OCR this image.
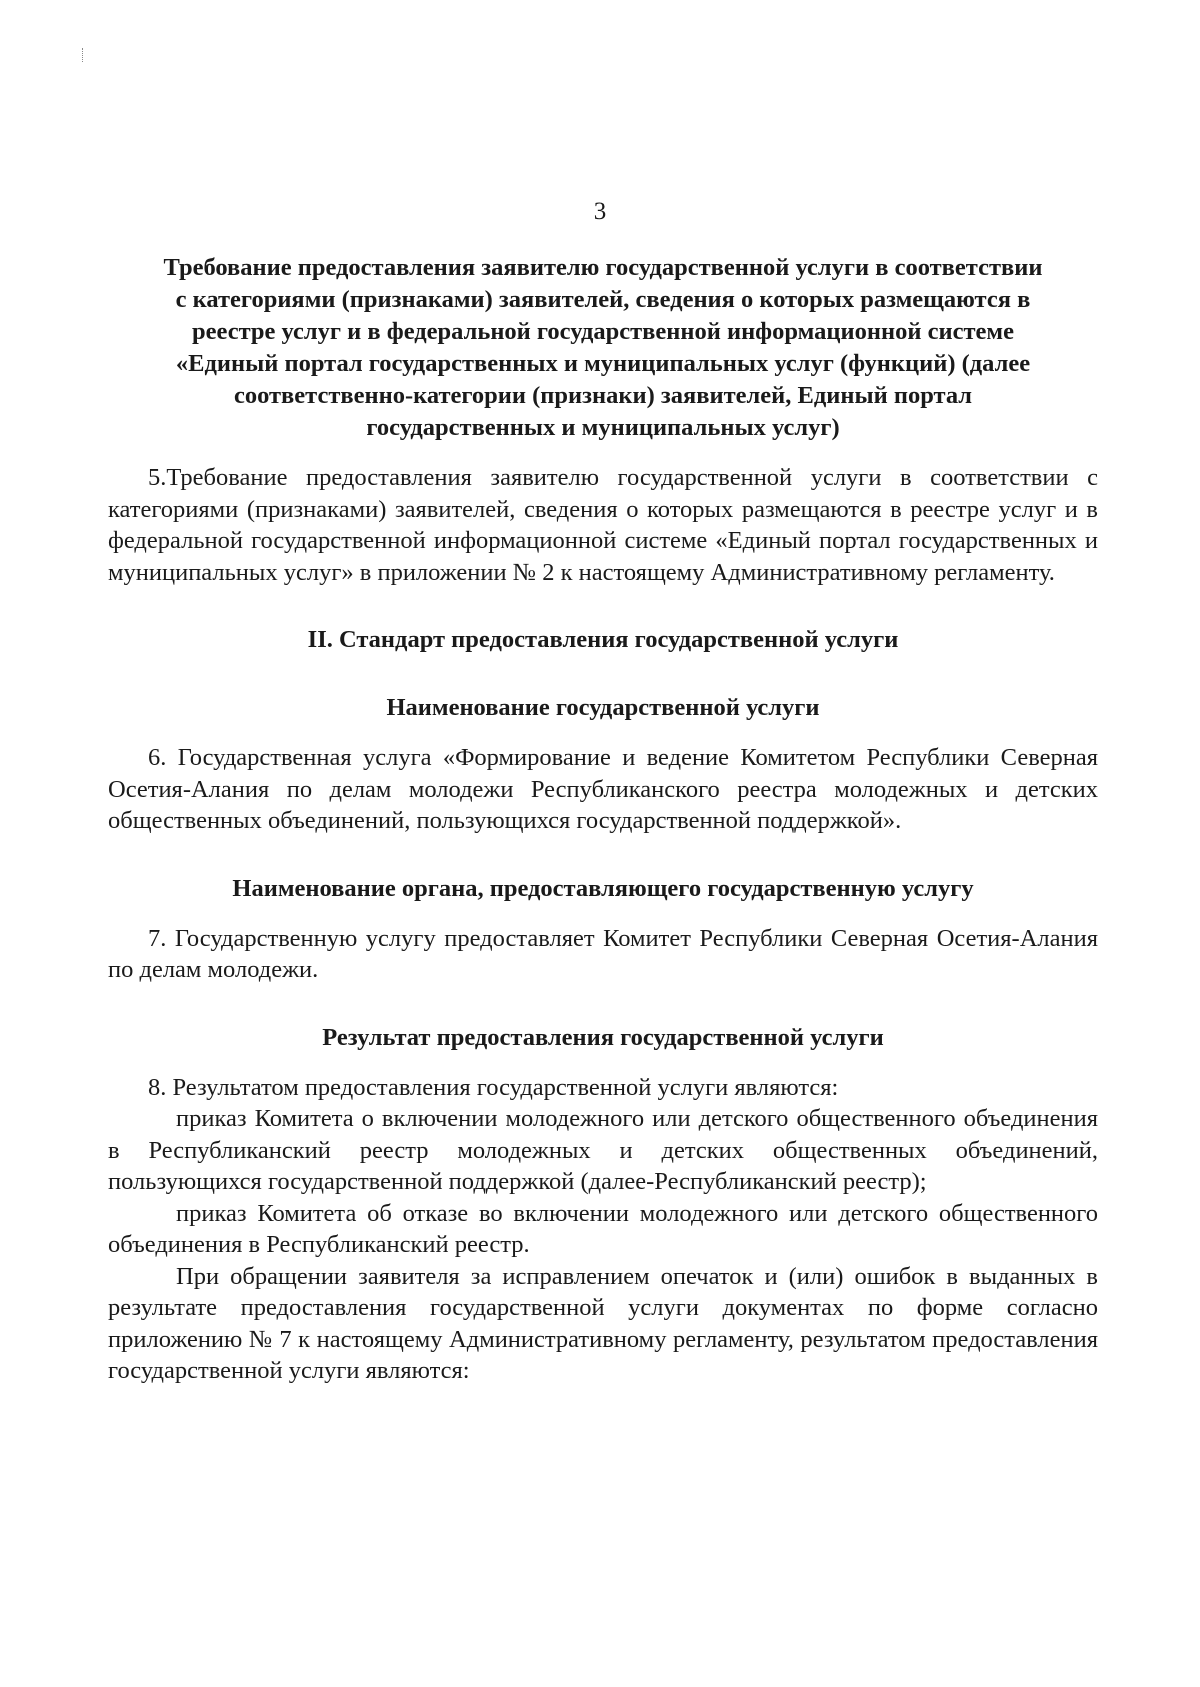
3

Требование предоставления заявителю государственной услуги в соответствии с категориями (признаками) заявителей, сведения о которых размещаются в реестре услуг и в федеральной государственной информационной системе «Единый портал государственных и муниципальных услуг (функций) (далее соответственно-категории (признаки) заявителей, Единый портал государственных и муниципальных услуг)

5.Требование предоставления заявителю государственной услуги в соответствии с категориями (признаками) заявителей, сведения о которых размещаются в реестре услуг и в федеральной государственной информационной системе «Единый портал государственных и муниципальных услуг» в приложении № 2 к настоящему Административному регламенту.

II. Стандарт предоставления государственной услуги

Наименование государственной услуги

6. Государственная услуга «Формирование и ведение Комитетом Республики Северная Осетия-Алания по делам молодежи Республиканского реестра молодежных и детских общественных объединений, пользующихся государственной поддержкой».

Наименование органа, предоставляющего государственную услугу

7. Государственную услугу предоставляет Комитет Республики Северная Осетия-Алания по делам молодежи.

Результат предоставления государственной услуги

8. Результатом предоставления государственной услуги являются:

приказ Комитета о включении молодежного или детского общественного объединения в Республиканский реестр молодежных и детских общественных объединений, пользующихся государственной поддержкой (далее-Республиканский реестр);

приказ Комитета об отказе во включении молодежного или детского общественного объединения в Республиканский реестр.

При обращении заявителя за исправлением опечаток и (или) ошибок в выданных в результате предоставления государственной услуги документах по форме согласно приложению № 7 к настоящему Административному регламенту, результатом предоставления государственной услуги являются:
